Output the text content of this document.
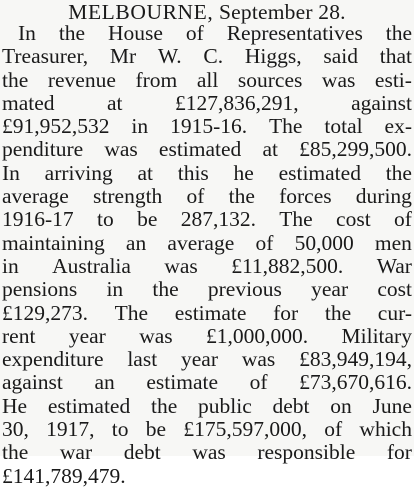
MELBOURNE, September 28.
In the House of Representatives the
Treasurer, Mr W. C. Higgs, said that
the revenue from all sources was esti-
mated at £127,836,291, against
£91,952,532 in 1915-16. The total ex-
penditure was estimated at £85,299,500.
In arriving at this he estimated the
average strength of the forces during
1916-17 to be 287,132. The cost of
maintaining an average of 50,000 men
in Australia was £11,882,500. War
pensions in the previous year cost
£129,273. The estimate for the cur-
rent year was £1,000,000. Military
expenditure last year was £83,949,194,
against an estimate of £73,670,616.
He estimated the public debt on June
30, 1917, to be £175,597,000, of which
the war debt was responsible for
£141,789,479.
